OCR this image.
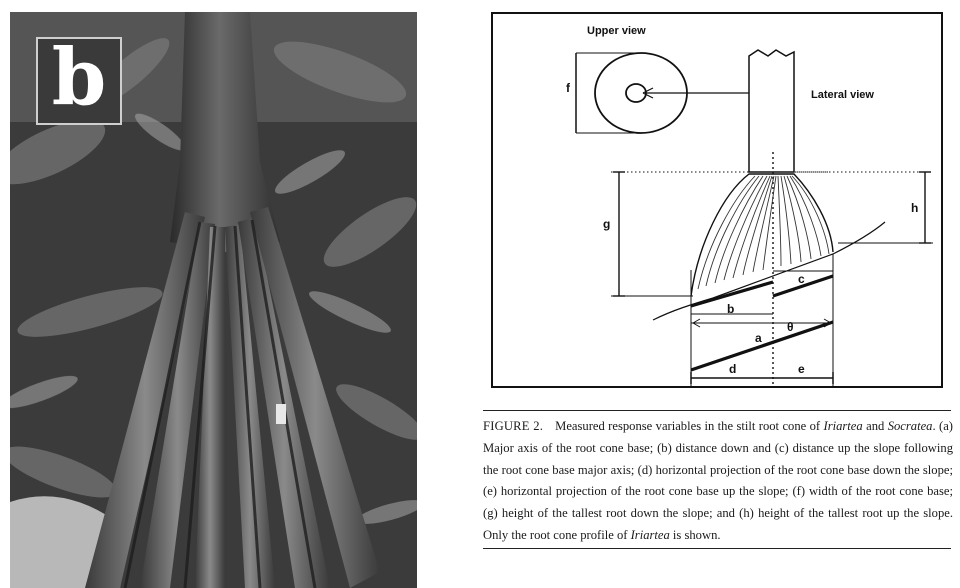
b
Upper view
f	Lateral view
g
h
b
c
a
θ
d	e

FIGURE 2. Measured response variables in the stilt root cone of Iriartea and Socratea. (a) Major axis of the root cone base; (b) distance down and (c) distance up the slope following the root cone base major axis; (d) horizontal projection of the root cone base down the slope; (e) horizontal projection of the root cone base up the slope; (f) width of the root cone base; (g) height of the tallest root down the slope; and (h) height of the tallest root up the slope. Only the root cone profile of Iriartea is shown.
